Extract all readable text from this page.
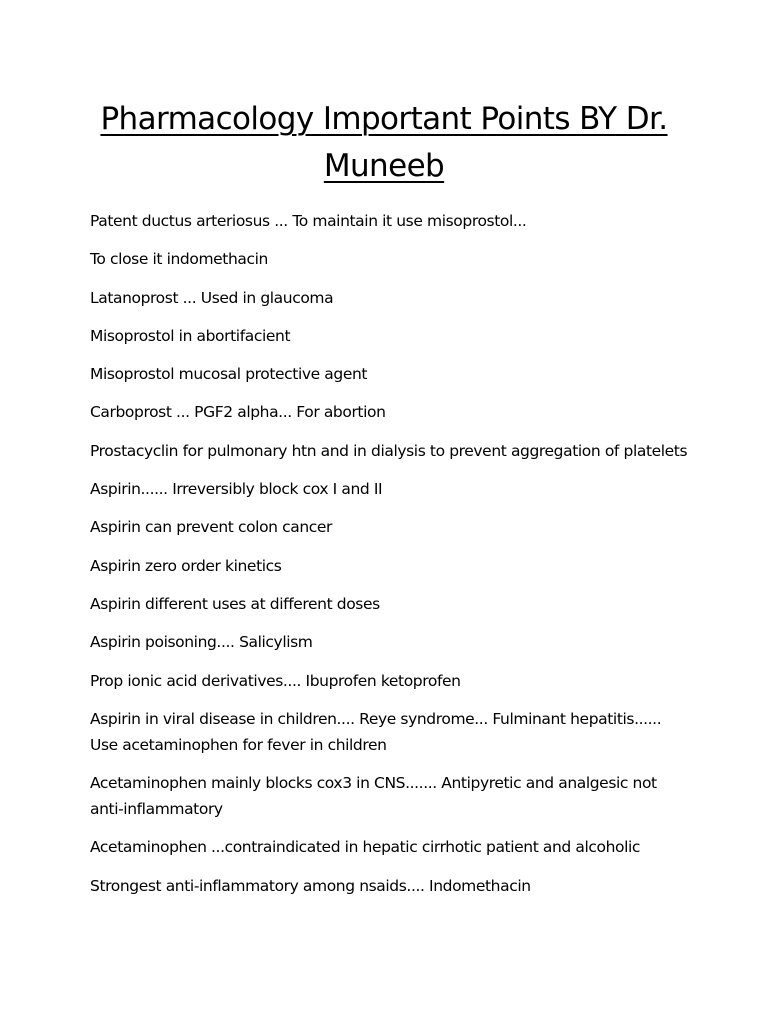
Pharmacology Important Points BY Dr. Muneeb
Patent ductus arteriosus ... To maintain it use misoprostol...
To close it indomethacin
Latanoprost ... Used in glaucoma
Misoprostol in abortifacient
Misoprostol mucosal protective agent
Carboprost ... PGF2 alpha... For abortion
Prostacyclin for pulmonary htn and in dialysis to prevent aggregation of platelets
Aspirin...... Irreversibly block cox I and II
Aspirin can prevent colon cancer
Aspirin zero order kinetics
Aspirin different uses at different doses
Aspirin poisoning.... Salicylism
Prop ionic acid derivatives.... Ibuprofen ketoprofen
Aspirin in viral disease in children.... Reye syndrome... Fulminant hepatitis...... Use acetaminophen for fever in children
Acetaminophen mainly blocks cox3 in CNS....... Antipyretic and analgesic not anti-inflammatory
Acetaminophen ...contraindicated in hepatic cirrhotic patient and alcoholic
Strongest anti-inflammatory among nsaids.... Indomethacin
